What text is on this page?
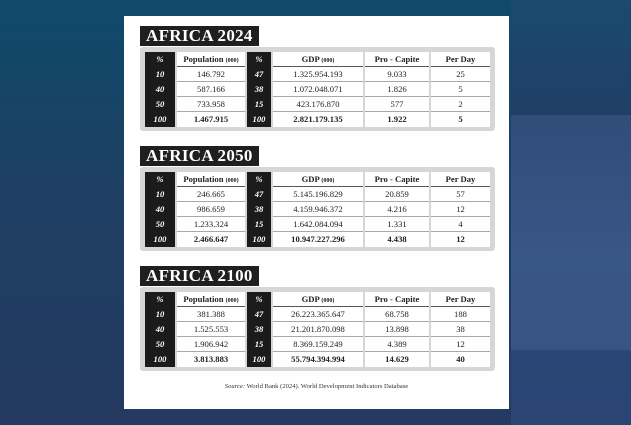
AFRICA 2024
%	Population (000)	%	GDP (000)	Pro - Capite	Per Day
10	146.792	47	1.325.954.193	9.033	25
40	587.166	38	1.072.048.071	1.826	5
50	733.958	15	423.176.870	577	2
100	1.467.915	100	2.821.179.135	1.922	5
AFRICA 2050
%	Population (000)	%	GDP (000)	Pro - Capite	Per Day
10	246.665	47	5.145.196.829	20.859	57
40	986.659	38	4.159.946.372	4.216	12
50	1.233.324	15	1.642.084.094	1.331	4
100	2.466.647	100	10.947.227.296	4.438	12
AFRICA 2100
%	Population (000)	%	GDP (000)	Pro - Capite	Per Day
10	381.388	47	26.223.365.647	68.758	188
40	1.525.553	38	21.201.870.098	13.898	38
50	1.906.942	15	8.369.159.249	4.389	12
100	3.813.883	100	55.794.394.994	14.629	40
Source: World Bank (2024). World Development Indicators Database
